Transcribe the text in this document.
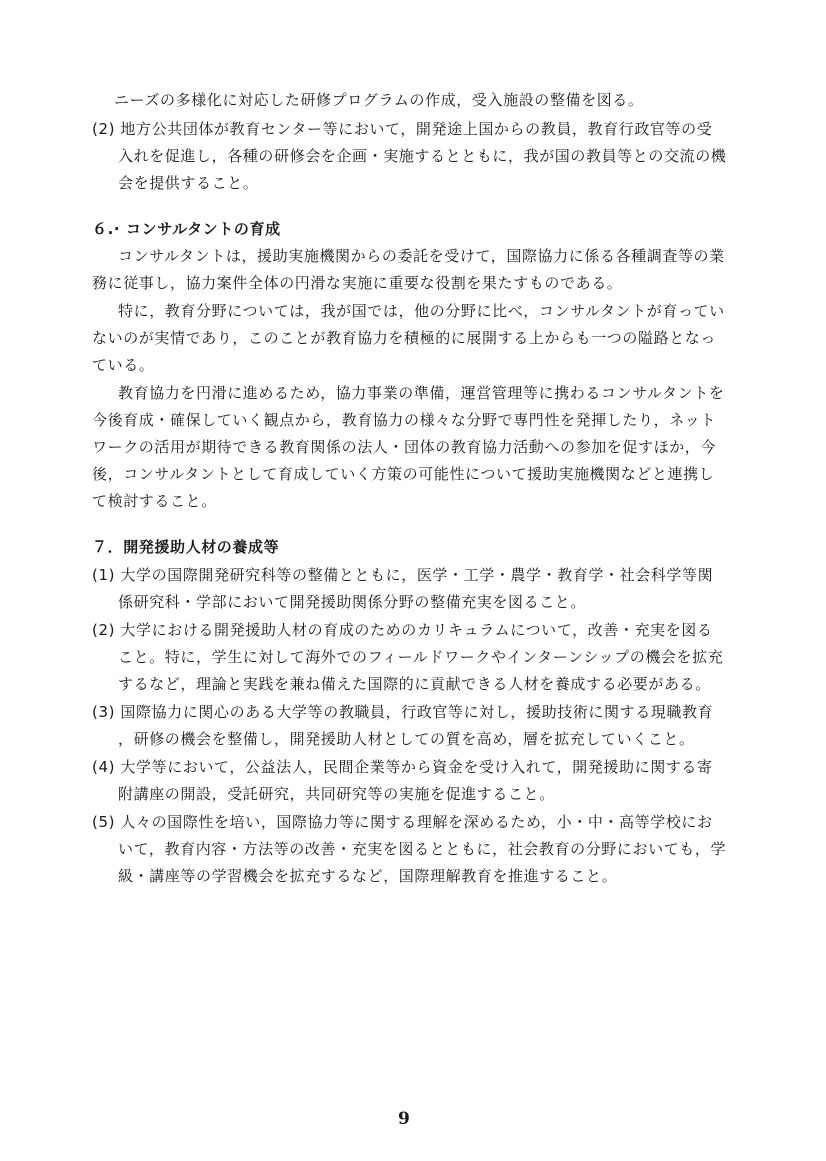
ニーズの多様化に対応した研修プログラムの作成，受入施設の整備を図る。
(2) 地方公共団体が教育センター等において，開発途上国からの教員，教育行政官等の受
入れを促進し，各種の研修会を企画・実施するとともに，我が国の教員等との交流の機
会を提供すること。
６.· コンサルタントの育成
コンサルタントは，援助実施機関からの委託を受けて，国際協力に係る各種調査等の業
務に従事し，協力案件全体の円滑な実施に重要な役割を果たすものである。
特に，教育分野については，我が国では，他の分野に比べ，コンサルタントが育ってい
ないのが実情であり，このことが教育協力を積極的に展開する上からも一つの隘路となっ
ている。
教育協力を円滑に進めるため，協力事業の準備，運営管理等に携わるコンサルタントを
今後育成・確保していく観点から，教育協力の様々な分野で専門性を発揮したり，ネット
ワークの活用が期待できる教育関係の法人・団体の教育協力活動への参加を促すほか，今
後，コンサルタントとして育成していく方策の可能性について援助実施機関などと連携し
て検討すること。
７．開発援助人材の養成等
(1) 大学の国際開発研究科等の整備とともに，医学・工学・農学・教育学・社会科学等関
係研究科・学部において開発援助関係分野の整備充実を図ること。
(2) 大学における開発援助人材の育成のためのカリキュラムについて，改善・充実を図る
こと。特に，学生に対して海外でのフィールドワークやインターンシップの機会を拡充
するなど，理論と実践を兼ね備えた国際的に貢献できる人材を養成する必要がある。
(3) 国際協力に関心のある大学等の教職員，行政官等に対し，援助技術に関する現職教育
，研修の機会を整備し，開発援助人材としての質を高め，層を拡充していくこと。
(4) 大学等において，公益法人，民間企業等から資金を受け入れて，開発援助に関する寄
附講座の開設，受託研究，共同研究等の実施を促進すること。
(5) 人々の国際性を培い，国際協力等に関する理解を深めるため，小・中・高等学校にお
いて，教育内容・方法等の改善・充実を図るとともに，社会教育の分野においても，学
級・講座等の学習機会を拡充するなど，国際理解教育を推進すること。
9
